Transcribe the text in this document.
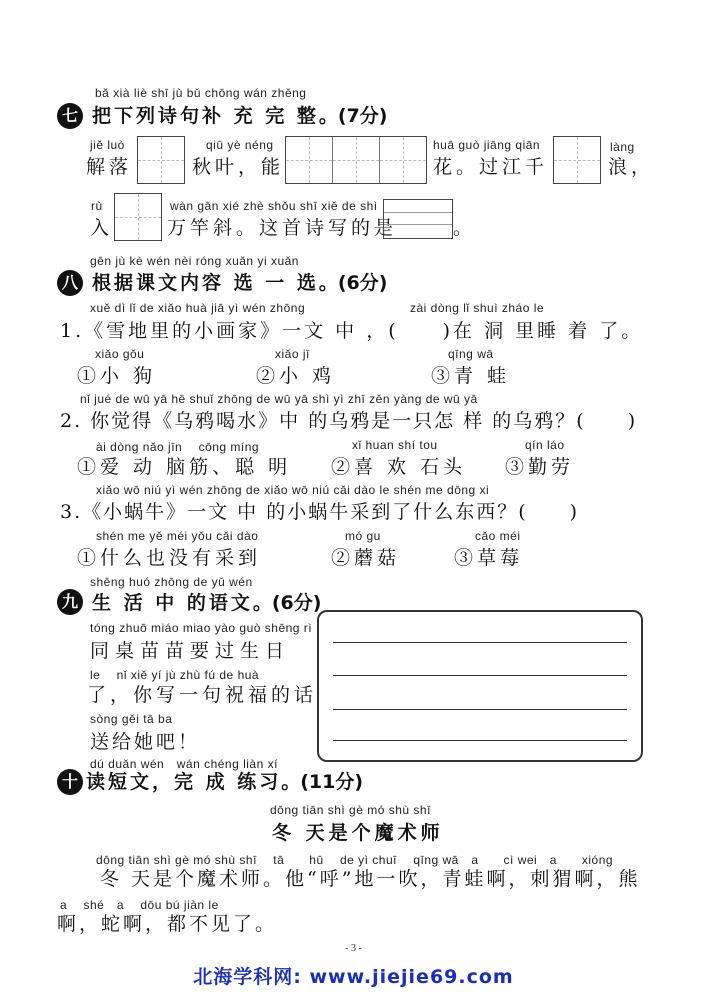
bǎ xià liè shī jù bǔ chōng wán zhěng
七 把下列诗句补 充 完 整。(7分)
jiě luò
解落
qiū yè néng
秋叶，能
huā guò jiāng qiān
花。过江千
làng
浪，
rù
入
wàn gān xié zhè shǒu shī xiě de shì
万竿斜。这首诗写的是	。
gēn jù kè wén nèi róng xuǎn yi xuǎn
八 根据课文内容 选 一 选。(6分)
xuě dì lǐ de xiǎo huà jiā yì wén zhōng	zài dòng lǐ shuì zháo le
1.《雪地里的小画家》一文 中 ，(　　)在 洞 里睡 着 了。
xiǎo gǒu	xiǎo jī	qīng wā
①小 狗	②小 鸡	③青 蛙
nǐ jué de wū yā hē shuǐ zhōng de wū yā shì yì zhī zěn yàng de wū yā
2. 你觉得《乌鸦喝水》中 的乌鸦是一只怎 样 的乌鸦？(　　)
ài dòng nǎo jīn　 cōng míng	xǐ huan shí tou	qín láo
①爱 动 脑筋、聪 明 ②喜 欢 石头 ③勤劳
xiǎo wō niú yì wén zhōng de xiǎo wō niú cǎi dào le shén me dōng xi
3.《小蜗牛》一文 中 的小蜗牛采到了什么东西？(　　)
shén me yě méi yǒu cǎi dào	mó gu	cǎo méi
①什么也没有采到	②蘑菇	③草莓
shēng huó zhōng de yǔ wén
九 生 活 中 的语文。(6分)
tóng zhuō miáo miao yào guò shēng rì
同桌苗苗要过生日
le　 nǐ xiě yí jù zhù fú de huà
了，你写一句祝福的话
sòng gěi tā ba
送给她吧！
dú duǎn wén　wán chéng liàn xí
十 读短文，完 成 练习。(11分)
dōng tiān shì gè mó shù shī
冬 天是个魔术师
dōng tiān shì gè mó shù shī　 tā　　hū　 de yì chuī　 qīng wā　a　　cì wei　a　　xióng
冬 天是个魔术师。他“呼”地一吹，青蛙啊，刺猬啊，熊
a　 shé　a　 dōu bú jiàn le
啊，蛇啊，都不见了。
- 3 -
北海学科网: www.jiejie69.com
